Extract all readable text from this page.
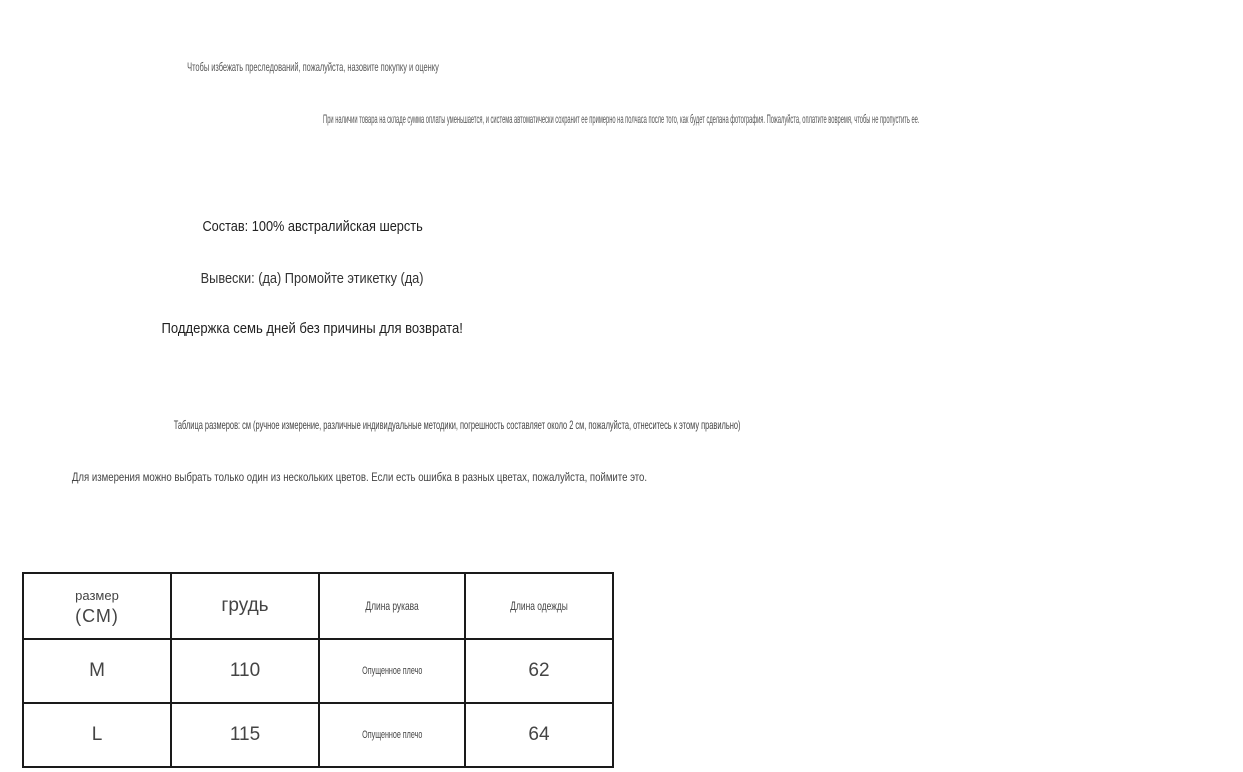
Чтобы избежать преследований, пожалуйста, назовите покупку и оценку
При наличии товара на складе сумма оплаты уменьшается, и система автоматически сохранит ее примерно на полчаса после того, как будет сделана фотография. Пожалуйста, оплатите вовремя, чтобы не пропустить ее.
Состав: 100% австралийская шерсть
Вывески: (да) Промойте этикетку (да)
Поддержка семь дней без причины для возврата!
Таблица размеров: см (ручное измерение, различные индивидуальные методики, погрешность составляет около 2 см, пожалуйста, отнеситесь к этому правильно)
Для измерения можно выбрать только один из нескольких цветов. Если есть ошибка в разных цветах, пожалуйста, поймите это.
размер
(СМ)	грудь	Длина рукава	Длина одежды
M	110	Опущенное плечо	62
L	115	Опущенное плечо	64
